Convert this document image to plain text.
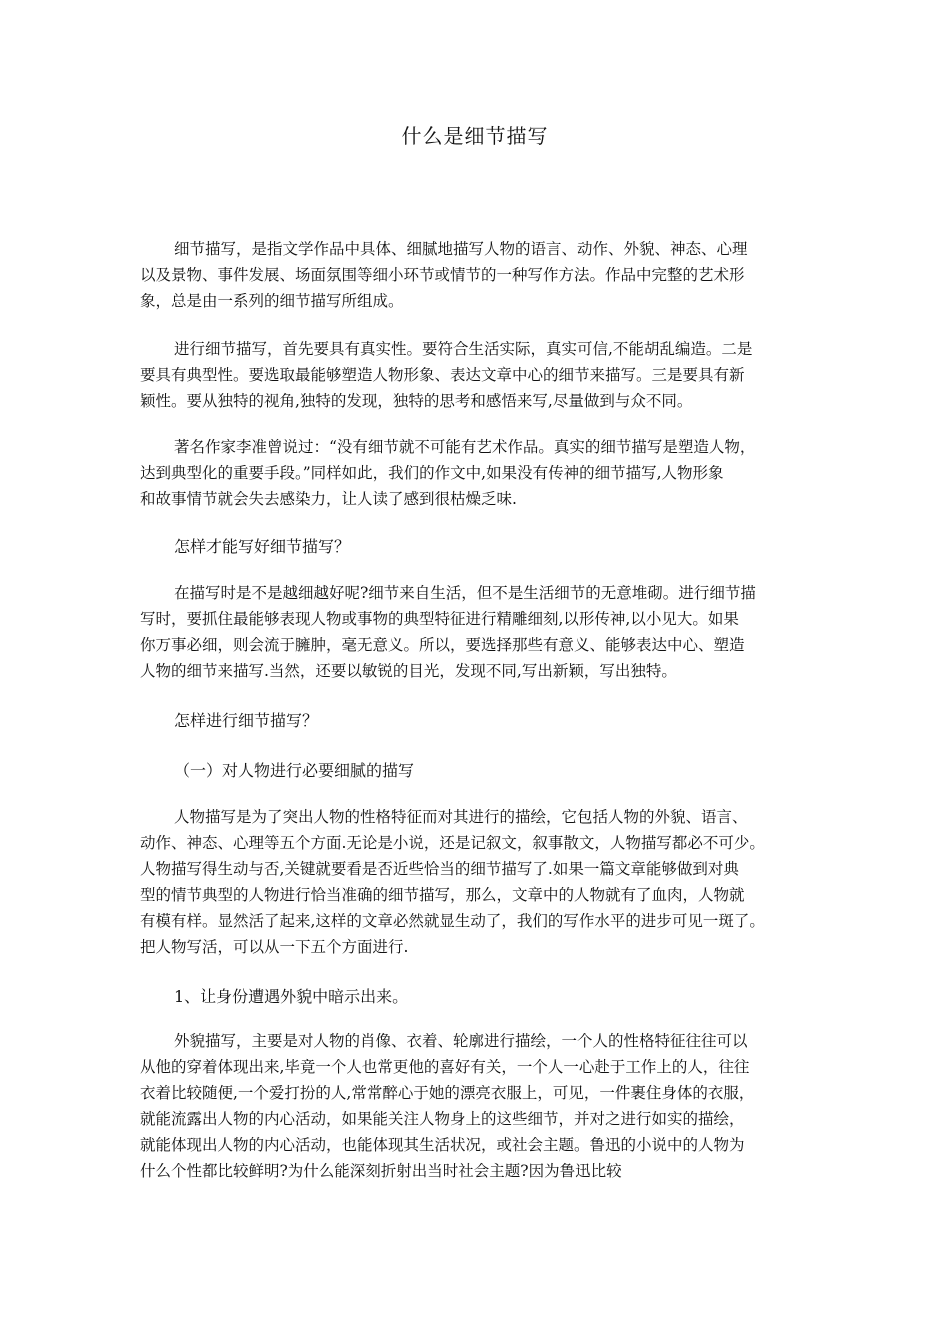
什么是细节描写
细节描写，是指文学作品中具体、细腻地描写人物的语言、动作、外貌、神态、心理
以及景物、事件发展、场面氛围等细小环节或情节的一种写作方法。作品中完整的艺术形
象，总是由一系列的细节描写所组成。
进行细节描写，首先要具有真实性。要符合生活实际，真实可信,不能胡乱编造。二是
要具有典型性。要选取最能够塑造人物形象、表达文章中心的细节来描写。三是要具有新
颖性。要从独特的视角,独特的发现，独特的思考和感悟来写,尽量做到与众不同。
著名作家李准曾说过：“没有细节就不可能有艺术作品。真实的细节描写是塑造人物，
达到典型化的重要手段。”同样如此，我们的作文中,如果没有传神的细节描写,人物形象
和故事情节就会失去感染力，让人读了感到很枯燥乏味.
怎样才能写好细节描写？
在描写时是不是越细越好呢?细节来自生活，但不是生活细节的无意堆砌。进行细节描
写时，要抓住最能够表现人物或事物的典型特征进行精雕细刻,以形传神,以小见大。如果
你万事必细，则会流于臃肿，毫无意义。所以，要选择那些有意义、能够表达中心、塑造
人物的细节来描写.当然，还要以敏锐的目光，发现不同,写出新颖，写出独特。
怎样进行细节描写？
（一）对人物进行必要细腻的描写
人物描写是为了突出人物的性格特征而对其进行的描绘，它包括人物的外貌、语言、
动作、神态、心理等五个方面.无论是小说，还是记叙文，叙事散文，人物描写都必不可少。
人物描写得生动与否,关键就要看是否近些恰当的细节描写了.如果一篇文章能够做到对典
型的情节典型的人物进行恰当准确的细节描写，那么，文章中的人物就有了血肉，人物就
有模有样。显然活了起来,这样的文章必然就显生动了，我们的写作水平的进步可见一斑了。
把人物写活，可以从一下五个方面进行.
1、让身份遭遇外貌中暗示出来。
外貌描写，主要是对人物的肖像、衣着、轮廓进行描绘，一个人的性格特征往往可以
从他的穿着体现出来,毕竟一个人也常更他的喜好有关，一个人一心赴于工作上的人，往往
衣着比较随便,一个爱打扮的人,常常醉心于她的漂亮衣服上，可见，一件裹住身体的衣服，
就能流露出人物的内心活动，如果能关注人物身上的这些细节，并对之进行如实的描绘，
就能体现出人物的内心活动，也能体现其生活状况，或社会主题。鲁迅的小说中的人物为
什么个性都比较鲜明?为什么能深刻折射出当时社会主题?因为鲁迅比较
